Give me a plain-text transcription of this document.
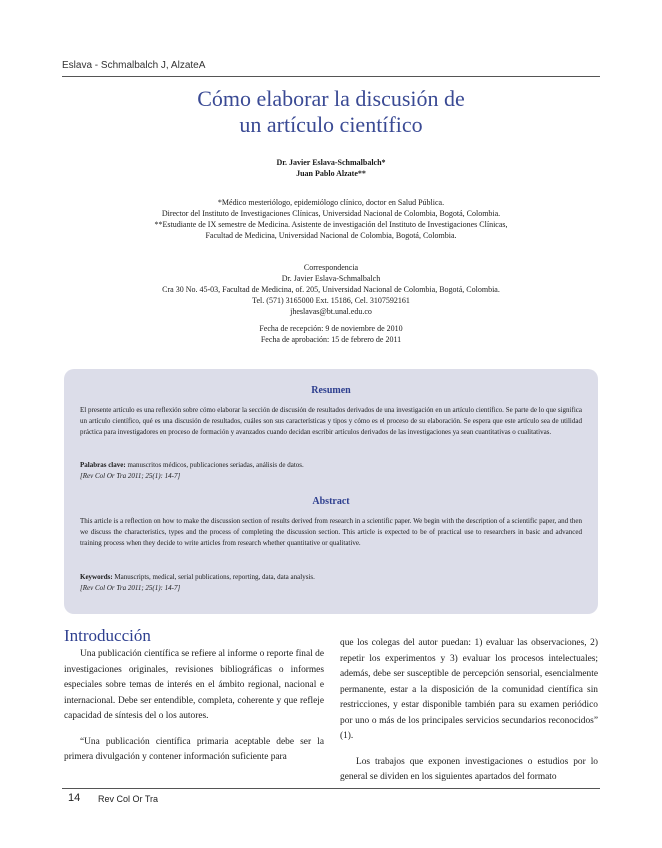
Eslava - Schmalbalch J, AlzateA
Cómo elaborar la discusión de
un artículo científico
Dr. Javier Eslava-Schmalbalch*
Juan Pablo Alzate**
*Médico mesteriólogo, epidemiólogo clínico, doctor en Salud Pública.
Director del Instituto de Investigaciones Clínicas, Universidad Nacional de Colombia, Bogotá, Colombia.
**Estudiante de IX semestre de Medicina. Asistente de investigación del Instituto de Investigaciones Clínicas,
Facultad de Medicina, Universidad Nacional de Colombia, Bogotá, Colombia.
Correspondencia
Dr. Javier Eslava-Schmalbalch
Cra 30 No. 45-03, Facultad de Medicina, of. 205, Universidad Nacional de Colombia, Bogotá, Colombia.
Tel. (571) 3165000 Ext. 15186, Cel. 3107592161
jheslavas@bt.unal.edu.co
Fecha de recepción: 9 de noviembre de 2010
Fecha de aprobación: 15 de febrero de 2011
Resumen
El presente artículo es una reflexión sobre cómo elaborar la sección de discusión de resultados derivados de una investigación en un artículo científico. Se parte de lo que significa un artículo científico, qué es una discusión de resultados, cuáles son sus características y tipos y cómo es el proceso de su elaboración. Se espera que este artículo sea de utilidad práctica para investigadores en proceso de formación y avanzados cuando decidan escribir artículos derivados de las investigaciones ya sean cuantitativas o cualitativas.
Palabras clave: manuscritos médicos, publicaciones seriadas, análisis de datos.
[Rev Col Or Tra 2011; 25(1): 14-7]
Abstract
This article is a reflection on how to make the discussion section of results derived from research in a scientific paper. We begin with the description of a scientific paper, and then we discuss the characteristics, types and the process of completing the discussion section. This article is expected to be of practical use to researchers in basic and advanced training process when they decide to write articles from research whether quantitative or qualitative.
Keywords: Manuscripts, medical, serial publications, reporting, data, data analysis.
[Rev Col Or Tra 2011; 25(1): 14-7]
Introducción

Una publicación científica se refiere al informe o reporte final de investigaciones originales, revisiones bibliográficas o informes especiales sobre temas de interés en el ámbito regional, nacional e internacional. Debe ser entendible, completa, coherente y que refleje capacidad de síntesis del o los autores.

“Una publicación científica primaria aceptable debe ser la primera divulgación y contener información suficiente para

que los colegas del autor puedan: 1) evaluar las observaciones, 2) repetir los experimentos y 3) evaluar los procesos intelectuales; además, debe ser susceptible de percepción sensorial, esencialmente permanente, estar a la disposición de la comunidad científica sin restricciones, y estar disponible también para su examen periódico por uno o más de los principales servicios secundarios reconocidos” (1).

Los trabajos que exponen investigaciones o estudios por lo general se dividen en los siguientes apartados del formato

14 Rev Col Or Tra
